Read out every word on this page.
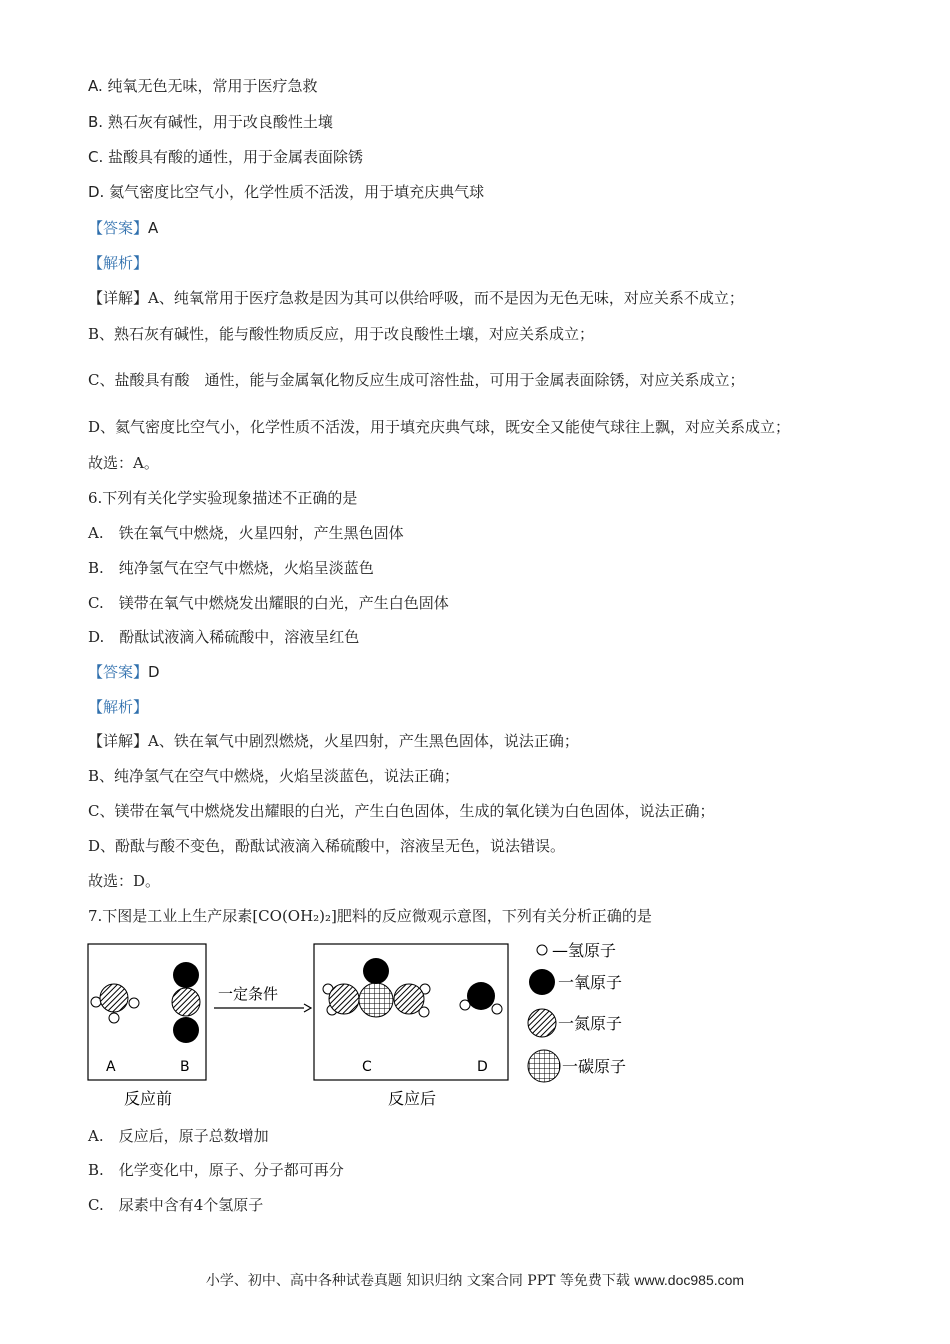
A. 纯氧无色无味，常用于医疗急救
B. 熟石灰有碱性，用于改良酸性土壤
C. 盐酸具有酸的通性，用于金属表面除锈
D. 氦气密度比空气小，化学性质不活泼，用于填充庆典气球
【答案】A
【解析】
【详解】A、纯氧常用于医疗急救是因为其可以供给呼吸，而不是因为无色无味，对应关系不成立；
B、熟石灰有碱性，能与酸性物质反应，用于改良酸性土壤，对应关系成立；
C、盐酸具有酸　通性，能与金属氧化物反应生成可溶性盐，可用于金属表面除锈，对应关系成立；
D、氦气密度比空气小，化学性质不活泼，用于填充庆典气球，既安全又能使气球往上飘，对应关系成立；
故选：A。
6.下列有关化学实验现象描述不正确的是
A.　铁在氧气中燃烧，火星四射，产生黑色固体
B.　纯净氢气在空气中燃烧，火焰呈淡蓝色
C.　镁带在氧气中燃烧发出耀眼的白光，产生白色固体
D.　酚酞试液滴入稀硫酸中，溶液呈红色
【答案】D
【解析】
【详解】A、铁在氧气中剧烈燃烧，火星四射，产生黑色固体，说法正确；
B、纯净氢气在空气中燃烧，火焰呈淡蓝色，说法正确；
C、镁带在氧气中燃烧发出耀眼的白光，产生白色固体，生成的氧化镁为白色固体，说法正确；
D、酚酞与酸不变色，酚酞试液滴入稀硫酸中，溶液呈无色，说法错误。
故选：D。
7.下图是工业上生产尿素[CO(OH₂)₂]肥料的反应微观示意图，下列有关分析正确的是
A	B
一定条件
C	D
反应前	反应后
—氢原子
一氧原子
一氮原子
一碳原子
A.　反应后，原子总数增加
B.　化学变化中，原子、分子都可再分
C.　尿素中含有4个氢原子
小学、初中、高中各种试卷真题 知识归纳 文案合同 PPT 等免费下载 www.doc985.com
